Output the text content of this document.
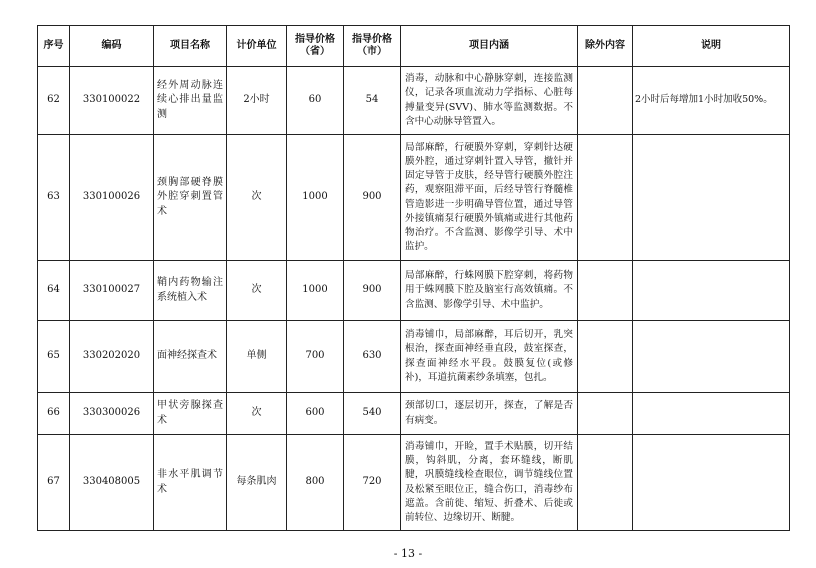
序号	编码	项目名称	计价单位	指导价格（省）	指导价格（市）	项目内涵	除外内容	说明
62	330100022	经外周动脉连续心排出量监测	2小时	60	54	消毒，动脉和中心静脉穿刺，连接监测仪，记录各项血流动力学指标、心脏每搏量变异(SVV)、肺水等监测数据。不含中心动脉导管置入。		2小时后每增加1小时加收50%。
63	330100026	颈胸部硬脊膜外腔穿刺置管术	次	1000	900	局部麻醉，行硬膜外穿刺，穿刺针达硬膜外腔，通过穿刺针置入导管，撤针并固定导管于皮肤，经导管行硬膜外腔注药，观察阻滞平面，后经导管行脊髓椎管造影进一步明确导管位置，通过导管外接镇痛泵行硬膜外镇痛或进行其他药物治疗。不含监测、影像学引导、术中监护。		
64	330100027	鞘内药物输注系统植入术	次	1000	900	局部麻醉，行蛛网膜下腔穿刺，将药物用于蛛网膜下腔及脑室行高效镇痛。不含监测、影像学引导、术中监护。		
65	330202020	面神经探查术	单侧	700	630	消毒铺巾，局部麻醉，耳后切开，乳突根治，探查面神经垂直段，鼓室探查，探查面神经水平段。鼓膜复位(或修补)，耳道抗菌素纱条填塞，包扎。		
66	330300026	甲状旁腺探查术	次	600	540	颈部切口，逐层切开，探查，了解是否有病变。		
67	330408005	非水平肌调节术	每条肌肉	800	720	消毒铺巾，开睑，置手术贴膜，切开结膜，钩斜肌，分离，套环缝线，断肌腱，巩膜缝线检查眼位，调节缝线位置及松紧至眼位正，缝合伤口，消毒纱布遮盖。含前徙、缩短、折叠术、后徙或前转位、边缘切开、断腱。		
- 13 -
